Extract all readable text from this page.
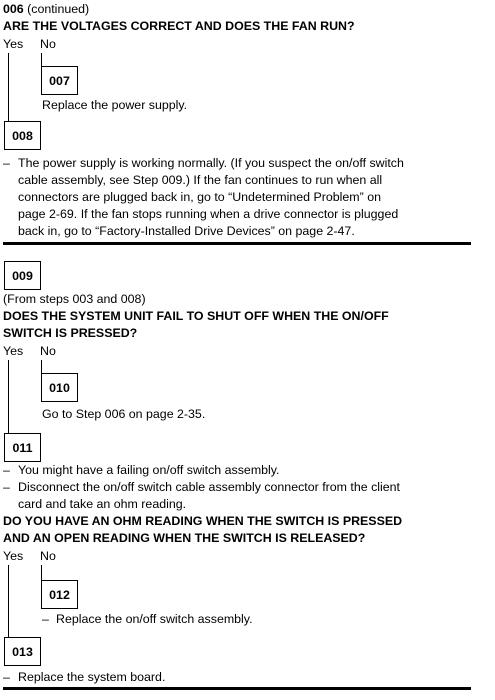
006 (continued)
ARE THE VOLTAGES CORRECT AND DOES THE FAN RUN?
Yes No
007
Replace the power supply.
008
– The power supply is working normally. (If you suspect the on/off switch
cable assembly, see Step 009.) If the fan continues to run when all
connectors are plugged back in, go to “Undetermined Problem” on
page 2-69. If the fan stops running when a drive connector is plugged
back in, go to “Factory-Installed Drive Devices” on page 2-47.
009
(From steps 003 and 008)
DOES THE SYSTEM UNIT FAIL TO SHUT OFF WHEN THE ON/OFF
SWITCH IS PRESSED?
Yes No
010
Go to Step 006 on page 2-35.
011
– You might have a failing on/off switch assembly.
– Disconnect the on/off switch cable assembly connector from the client
card and take an ohm reading.
DO YOU HAVE AN OHM READING WHEN THE SWITCH IS PRESSED
AND AN OPEN READING WHEN THE SWITCH IS RELEASED?
Yes No
012
– Replace the on/off switch assembly.
013
– Replace the system board.
